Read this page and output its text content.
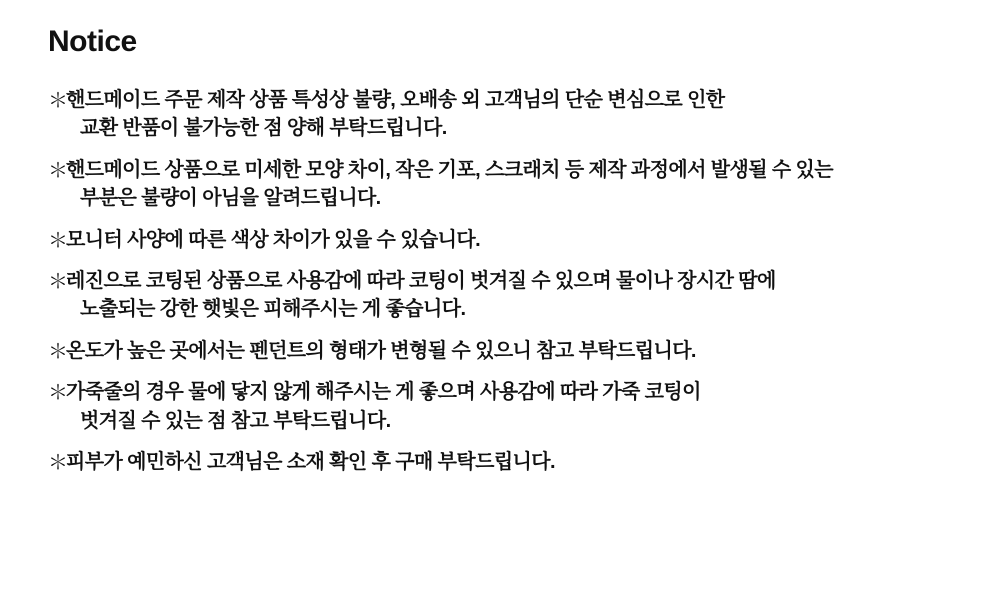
Notice
＊
핸드메이드 주문 제작 상품 특성상 불량, 오배송 외 고객님의 단순 변심으로 인한
교환 반품이 불가능한 점 양해 부탁드립니다.
＊
핸드메이드 상품으로 미세한 모양 차이, 작은 기포, 스크래치 등 제작 과정에서 발생될 수 있는
부분은 불량이 아님을 알려드립니다.
＊
모니터 사양에 따른 색상 차이가 있을 수 있습니다.
＊
레진으로 코팅된 상품으로 사용감에 따라 코팅이 벗겨질 수 있으며 물이나 장시간 땀에
노출되는 강한 햇빛은 피해주시는 게 좋습니다.
＊
온도가 높은 곳에서는 펜던트의 형태가 변형될 수 있으니 참고 부탁드립니다.
＊
가죽줄의 경우 물에 닿지 않게 해주시는 게 좋으며 사용감에 따라 가죽 코팅이
벗겨질 수 있는 점 참고 부탁드립니다.
＊
피부가 예민하신 고객님은 소재 확인 후 구매 부탁드립니다.
